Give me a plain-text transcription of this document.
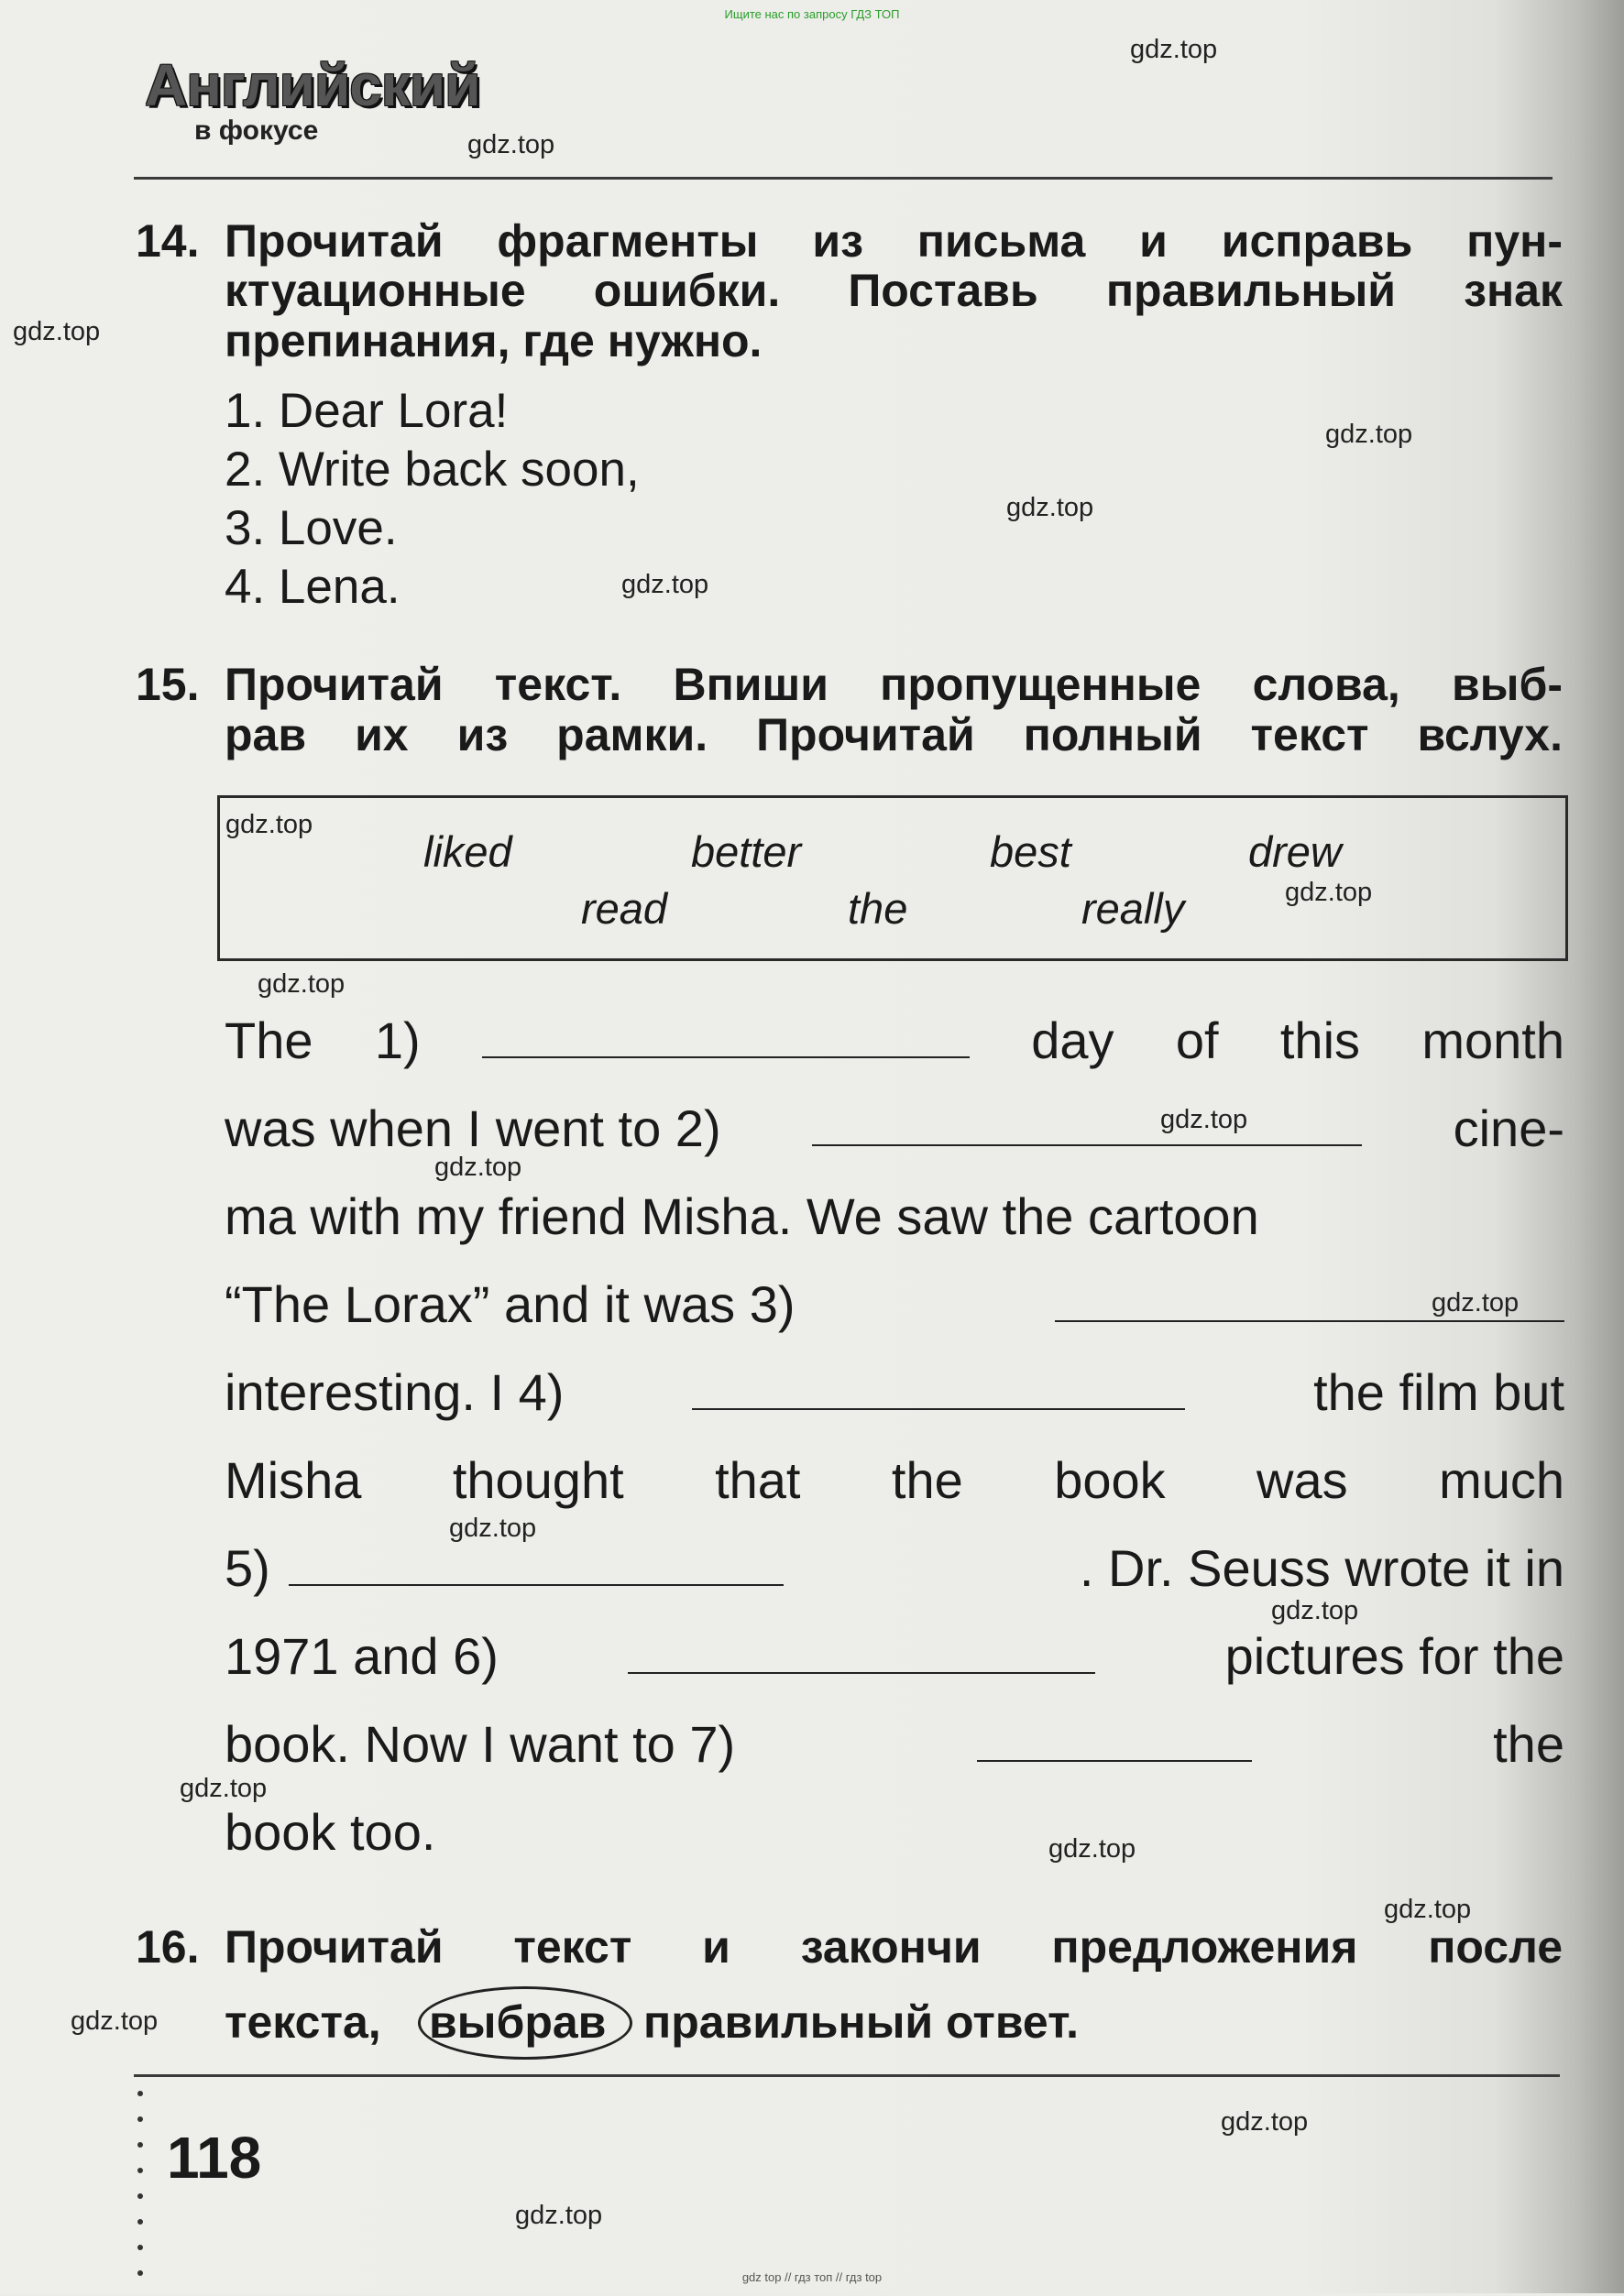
Ищите нас по запросу ГДЗ ТОП
Английский
в фокусе
gdz.top
gdz.top
gdz.top
gdz.top
gdz.top
gdz.top
gdz.top
gdz.top
gdz.top
gdz.top
gdz.top
gdz.top
gdz.top
gdz.top
gdz.top
gdz.top
gdz.top
gdz.top
gdz.top
gdz.top
14. Прочитай фрагменты из письма и исправь пун-
ктуационные ошибки. Поставь правильный знак
препинания, где нужно.
1. Dear Lora!
2. Write back soon,
3. Love.
4. Lena.
15. Прочитай текст. Впиши пропущенные слова, выб-
рав их из рамки. Прочитай полный текст вслух.
liked	better	best	drew
read	the	really
The 1)	day of this month
was when I went to 2)	cine-
ma with my friend Misha. We saw the cartoon
“The Lorax” and it was 3)
interesting. I 4)	the film but
Misha thought that the book was much
5)	. Dr. Seuss wrote it in
1971 and 6)	pictures for the
book. Now I want to 7)	the
book too.
16. Прочитай текст и закончи предложения после
текста, выбрав правильный ответ.
118
gdz top // гдз топ // гдз top
